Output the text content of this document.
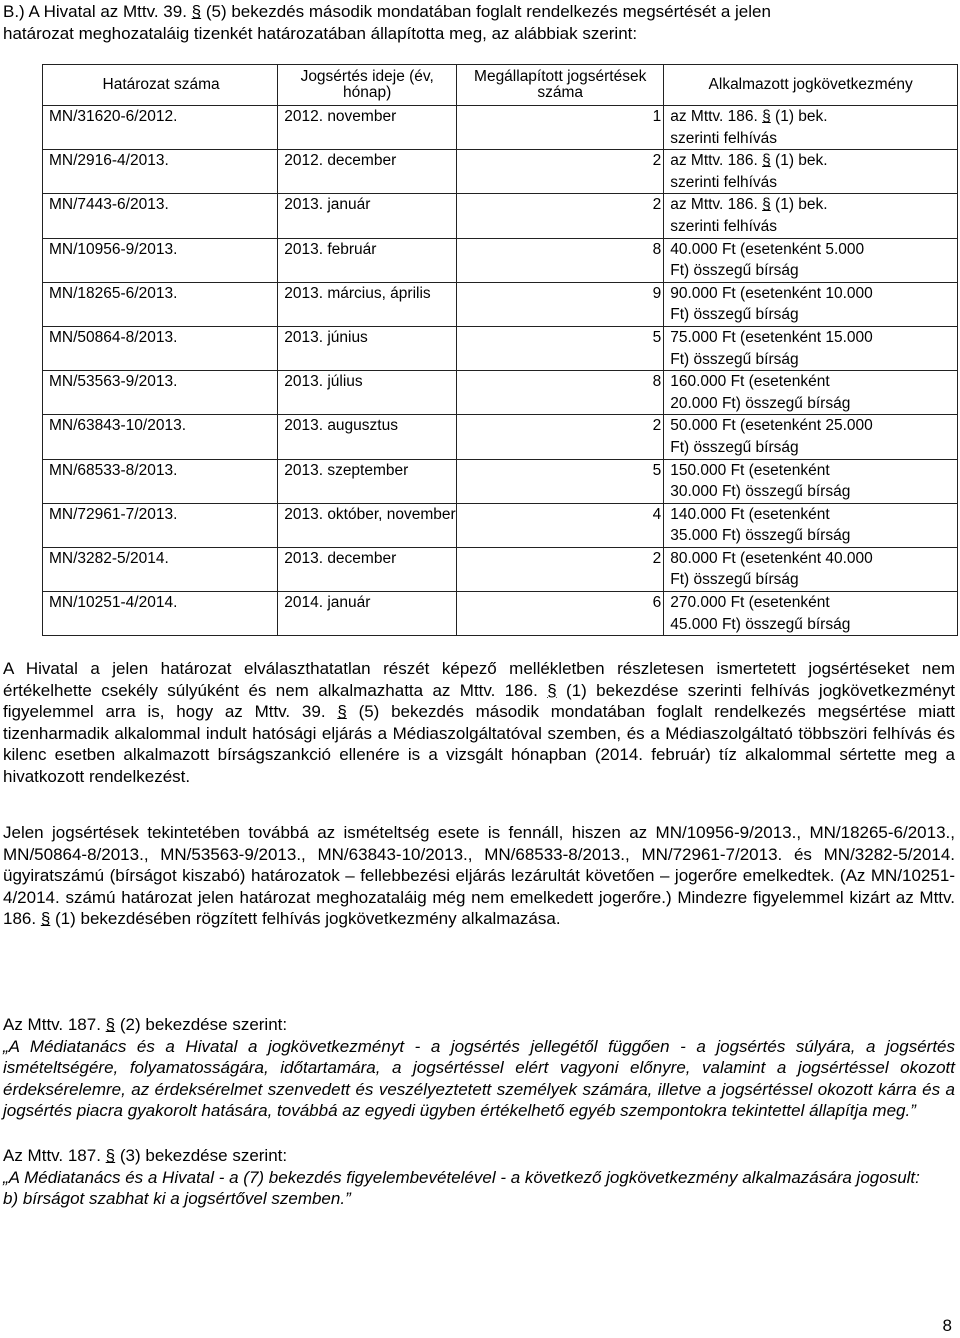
B.) A Hivatal az Mttv. 39. § (5) bekezdés második mondatában foglalt rendelkezés megsértését a jelen
határozat meghozataláig tizenkét határozatában állapította meg, az alábbiak szerint:
Határozat száma	Jogsértés ideje (év, hónap)	Megállapított jogsértések száma	Alkalmazott jogkövetkezmény
MN/31620-6/2012.	2012. november	1	az Mttv. 186. § (1) bek.
szerinti felhívás

MN/2916-4/2013.	2012. december	2	az Mttv. 186. § (1) bek.
szerinti felhívás

MN/7443-6/2013.	2013. január	2	az Mttv. 186. § (1) bek.
szerinti felhívás

MN/10956-9/2013.	2013. február	8	40.000 Ft (esetenként 5.000
Ft) összegű bírság

MN/18265-6/2013.	2013. március, április	9	90.000 Ft (esetenként 10.000
Ft) összegű bírság

MN/50864-8/2013.	2013. június	5	75.000 Ft (esetenként 15.000
Ft) összegű bírság

MN/53563-9/2013.	2013. július	8	160.000 Ft (esetenként
20.000 Ft) összegű bírság

MN/63843-10/2013.	2013. augusztus	2	50.000 Ft (esetenként 25.000
Ft) összegű bírság

MN/68533-8/2013.	2013. szeptember	5	150.000 Ft (esetenként
30.000 Ft) összegű bírság

MN/72961-7/2013.	2013. október, november	4	140.000 Ft (esetenként
35.000 Ft) összegű bírság

MN/3282-5/2014.	2013. december	2	80.000 Ft (esetenként 40.000
Ft) összegű bírság

MN/10251-4/2014.	2014. január	6	270.000 Ft (esetenként
45.000 Ft) összegű bírság
A Hivatal a jelen határozat elválaszthatatlan részét képező mellékletben részletesen ismertetett jogsértéseket nem értékelhette csekély súlyúként és nem alkalmazhatta az Mttv. 186. § (1) bekezdése szerinti felhívás jogkövetkezményt figyelemmel arra is, hogy az Mttv. 39. § (5) bekezdés második mondatában foglalt rendelkezés megsértése miatt tizenharmadik alkalommal indult hatósági eljárás a Médiaszolgáltatóval szemben, és a Médiaszolgáltató többszöri felhívás és kilenc esetben alkalmazott bírságszankció ellenére is a vizsgált hónapban (2014. február) tíz alkalommal sértette meg a hivatkozott rendelkezést.
Jelen jogsértések tekintetében továbbá az ismételtség esete is fennáll, hiszen az MN/10956-9/2013., MN/18265-6/2013., MN/50864-8/2013., MN/53563-9/2013., MN/63843-10/2013., MN/68533-8/2013., MN/72961-7/2013. és MN/3282-5/2014. ügyiratszámú (bírságot kiszabó) határozatok – fellebbezési eljárás lezárultát követően – jogerőre emelkedtek. (Az MN/10251-4/2014. számú határozat jelen határozat meghozataláig még nem emelkedett jogerőre.) Mindezre figyelemmel kizárt az Mttv. 186. § (1) bekezdésében rögzített felhívás jogkövetkezmény alkalmazása.

Az Mttv. 187. § (2) bekezdése szerint:

„A Médiatanács és a Hivatal a jogkövetkezményt - a jogsértés jellegétől függően - a jogsértés súlyára, a jogsértés ismételtségére, folyamatosságára, időtartamára, a jogsértéssel elért vagyoni előnyre, valamint a jogsértéssel okozott érdeksérelemre, az érdeksérelmet szenvedett és veszélyeztetett személyek számára, illetve a jogsértéssel okozott kárra és a jogsértés piacra gyakorolt hatására, továbbá az egyedi ügyben értékelhető egyéb szempontokra tekintettel állapítja meg.”

Az Mttv. 187. § (3) bekezdése szerint:

„A Médiatanács és a Hivatal - a (7) bekezdés figyelembevételével - a következő jogkövetkezmény alkalmazására jogosult:

b) bírságot szabhat ki a jogsértővel szemben.”

8
